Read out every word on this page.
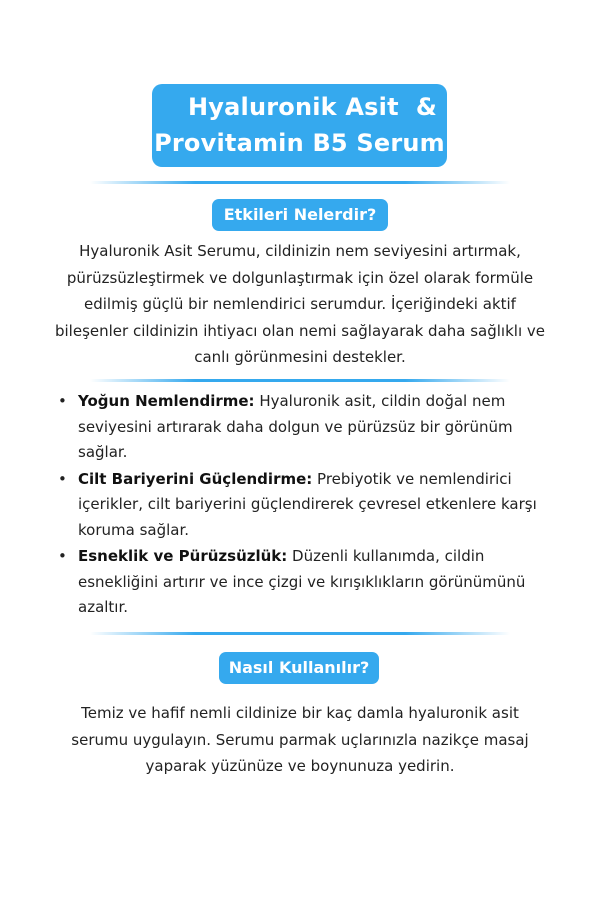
Hyaluronik Asit  &
Provitamin B5 Serum
Etkileri Nelerdir?
Hyaluronik Asit Serumu, cildinizin nem seviyesini artırmak, pürüzsüzleştirmek ve dolgunlaştırmak için özel olarak formüle edilmiş güçlü bir nemlendirici serumdur. İçeriğindeki aktif bileşenler cildinizin ihtiyacı olan nemi sağlayarak daha sağlıklı ve canlı görünmesini destekler.
• Yoğun Nemlendirme: Hyaluronik asit, cildin doğal nem seviyesini artırarak daha dolgun ve pürüzsüz bir görünüm sağlar.
• Cilt Bariyerini Güçlendirme: Prebiyotik ve nemlendirici içerikler, cilt bariyerini güçlendirerek çevresel etkenlere karşı koruma sağlar.
• Esneklik ve Pürüzsüzlük: Düzenli kullanımda, cildin esnekliğini artırır ve ince çizgi ve kırışıklıkların görünümünü azaltır.
Nasıl Kullanılır?
Temiz ve hafif nemli cildinize bir kaç damla hyaluronik asit serumu uygulayın. Serumu parmak uçlarınızla nazikçe masaj yaparak yüzünüze ve boynunuza yedirin.
